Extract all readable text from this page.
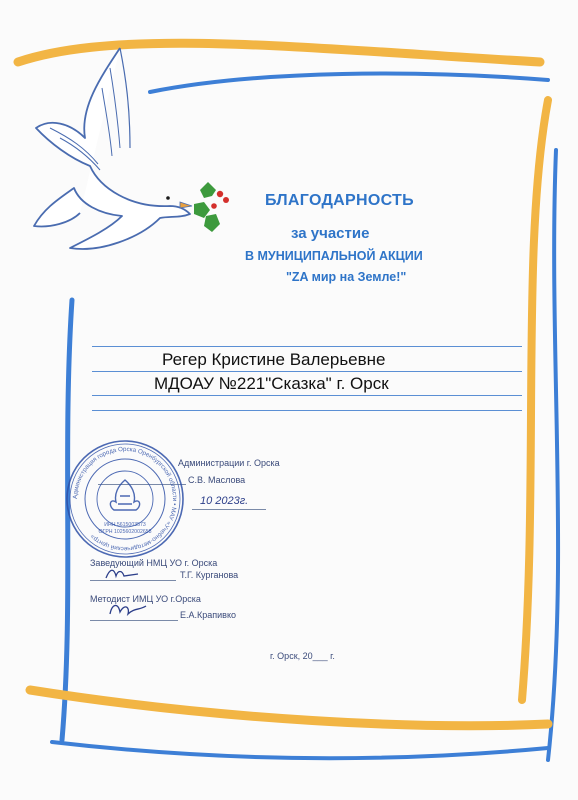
БЛАГОДАРНОСТЬ
за участие
В МУНИЦИПАЛЬНОЙ АКЦИИ
"ZA мир на Земле!"
Регер Кристине Валерьевне
МДОАУ №221"Сказка" г. Орск
Администрации г. Орска
С.В. Маслова
10 2023г.
Заведующий НМЦ УО г. Орска
Т.Г. Курганова
Методист ИМЦ УО г.Орска
Е.А.Крапивко
г. Орск, 20___ г.
Администрация города Орска Оренбургской области • МАУ «Учебно-методический центр»
ИНН 5615003573
ОГРН 1025602002658
